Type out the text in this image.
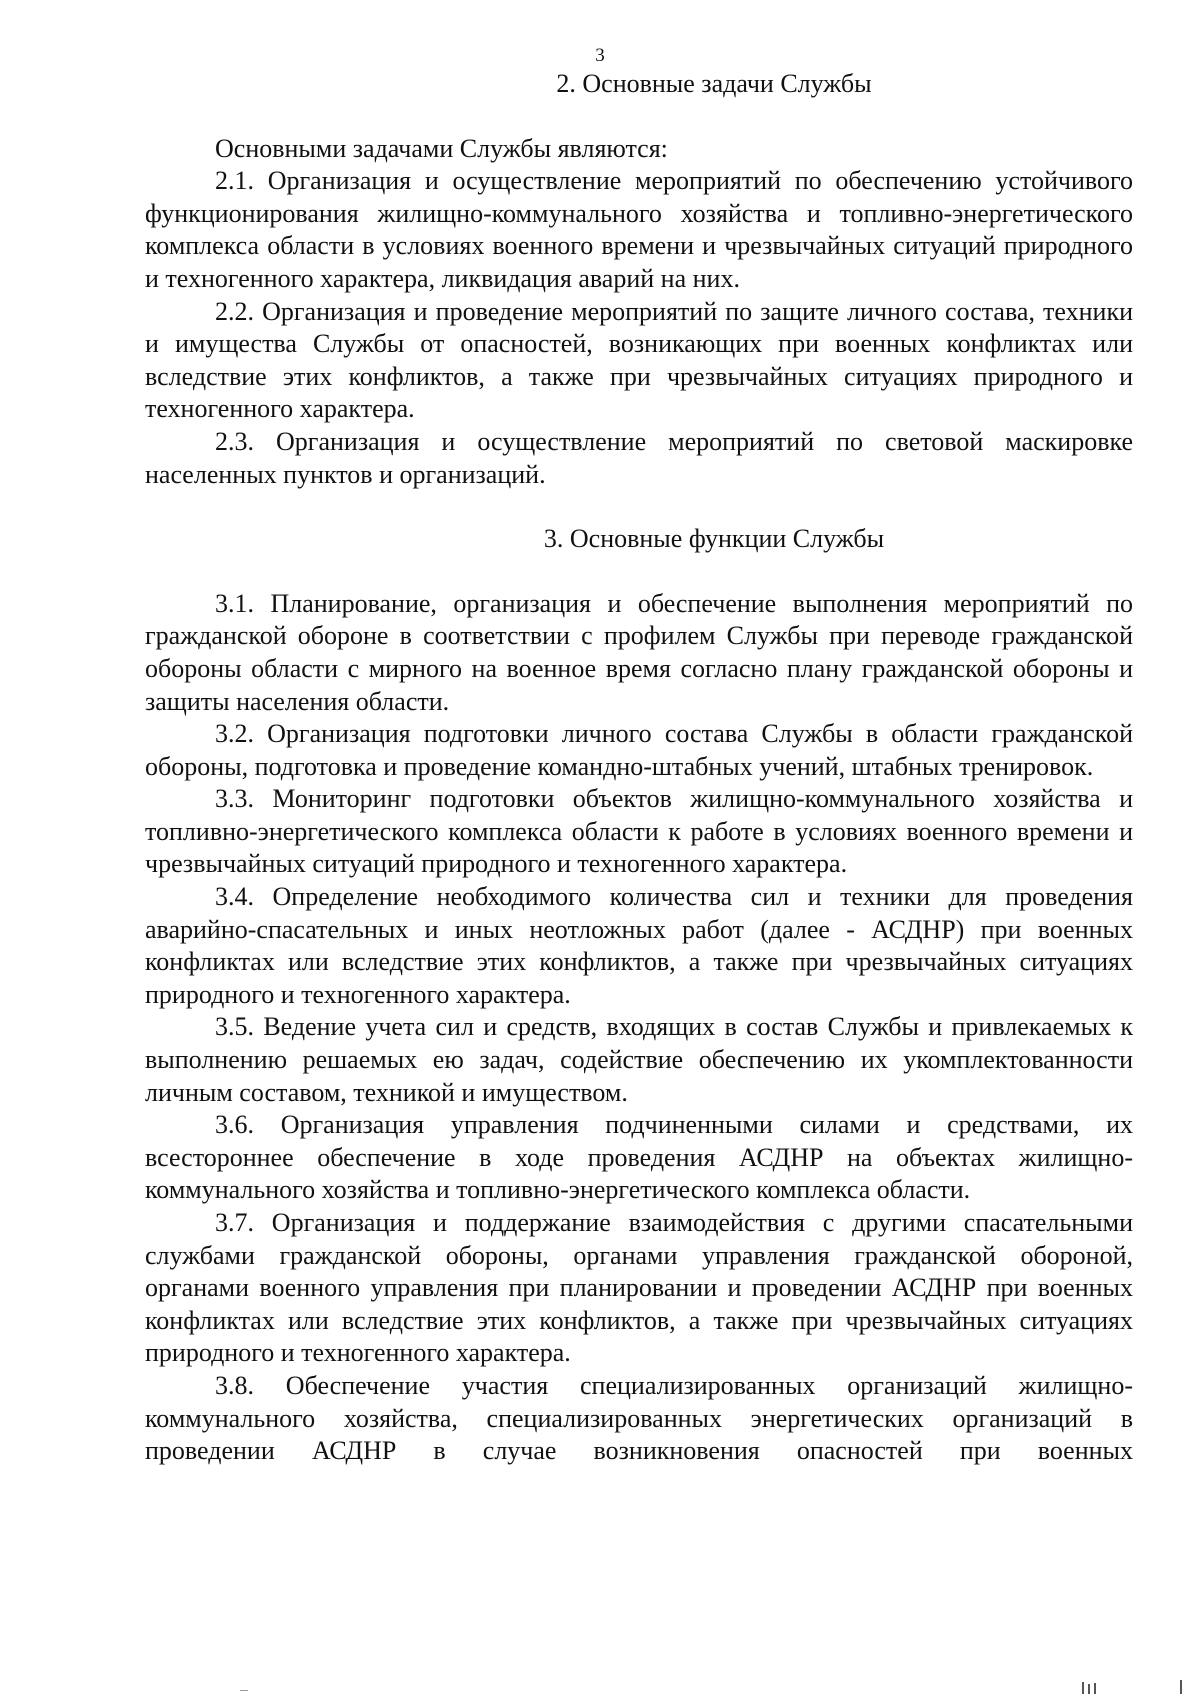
3
2. Основные задачи Службы

Основными задачами Службы являются:

2.1. Организация и осуществление мероприятий по обеспечению устойчивого функционирования жилищно-коммунального хозяйства и топливно-энергетического комплекса области в условиях военного времени и чрезвычайных ситуаций природного и техногенного характера, ликвидация аварий на них.

2.2. Организация и проведение мероприятий по защите личного состава, техники и имущества Службы от опасностей, возникающих при военных конфликтах или вследствие этих конфликтов, а также при чрезвычайных ситуациях природного и техногенного характера.

2.3. Организация и осуществление мероприятий по световой маскировке населенных пунктов и организаций.

3. Основные функции Службы

3.1. Планирование, организация и обеспечение выполнения мероприятий по гражданской обороне в соответствии с профилем Службы при переводе гражданской обороны области с мирного на военное время согласно плану гражданской обороны и защиты населения области.

3.2. Организация подготовки личного состава Службы в области гражданской обороны, подготовка и проведение командно-штабных учений, штабных тренировок.

3.3. Мониторинг подготовки объектов жилищно-коммунального хозяйства и топливно-энергетического комплекса области к работе в условиях военного времени и чрезвычайных ситуаций природного и техногенного характера.

3.4. Определение необходимого количества сил и техники для проведения аварийно-спасательных и иных неотложных работ (далее - АСДНР) при военных конфликтах или вследствие этих конфликтов, а также при чрезвычайных ситуациях природного и техногенного характера.

3.5. Ведение учета сил и средств, входящих в состав Службы и привлекаемых к выполнению решаемых ею задач, содействие обеспечению их укомплектованности личным составом, техникой и имуществом.

3.6. Организация управления подчиненными силами и средствами, их всестороннее обеспечение в ходе проведения АСДНР на объектах жилищно-коммунального хозяйства и топливно-энергетического комплекса области.

3.7. Организация и поддержание взаимодействия с другими спасательными службами гражданской обороны, органами управления гражданской обороной, органами военного управления при планировании и проведении АСДНР при военных конфликтах или вследствие этих конфликтов, а также при чрезвычайных ситуациях природного и техногенного характера.

3.8. Обеспечение участия специализированных организаций жилищно-коммунального хозяйства, специализированных энергетических организаций в проведении АСДНР в случае возникновения опасностей при военных
